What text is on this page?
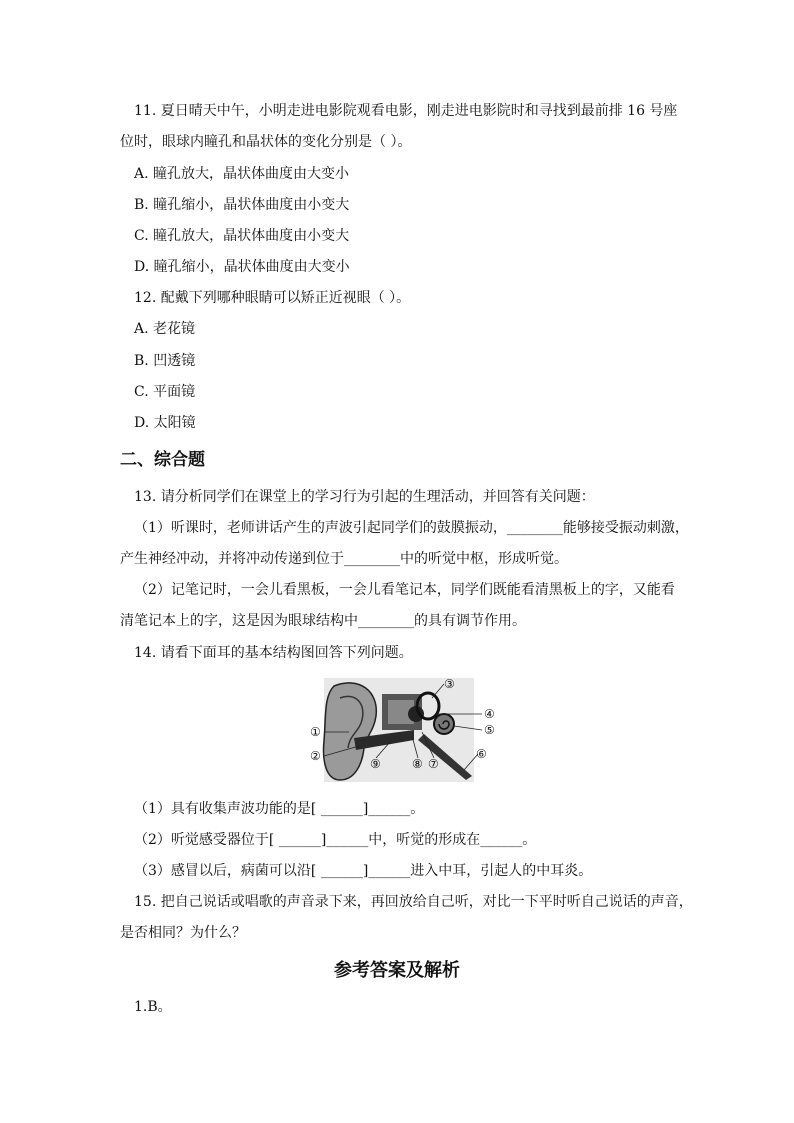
11. 夏日晴天中午，小明走进电影院观看电影，刚走进电影院时和寻找到最前排 16 号座
位时，眼球内瞳孔和晶状体的变化分别是（ ）。
A. 瞳孔放大，晶状体曲度由大变小
B. 瞳孔缩小，晶状体曲度由小变大
C. 瞳孔放大，晶状体曲度由小变大
D. 瞳孔缩小，晶状体曲度由大变小
12. 配戴下列哪种眼睛可以矫正近视眼（ ）。
A. 老花镜
B. 凹透镜
C. 平面镜
D. 太阳镜
二、综合题
13. 请分析同学们在课堂上的学习行为引起的生理活动，并回答有关问题：
（1）听课时，老师讲话产生的声波引起同学们的鼓膜振动，________能够接受振动刺激，
产生神经冲动，并将冲动传递到位于________中的听觉中枢，形成听觉。
（2）记笔记时，一会儿看黑板，一会儿看笔记本，同学们既能看清黑板上的字，又能看
清笔记本上的字，这是因为眼球结构中________的具有调节作用。
14. 请看下面耳的基本结构图回答下列问题。
①
②
③
④
⑤
⑥
⑦
⑧
⑨
（1）具有收集声波功能的是[ ______]______。
（2）听觉感受器位于[ ______]______中，听觉的形成在______。
（3）感冒以后，病菌可以沿[ ______]______进入中耳，引起人的中耳炎。
15. 把自己说话或唱歌的声音录下来，再回放给自己听，对比一下平时听自己说话的声音，
是否相同？为什么？
参考答案及解析
1.B。
